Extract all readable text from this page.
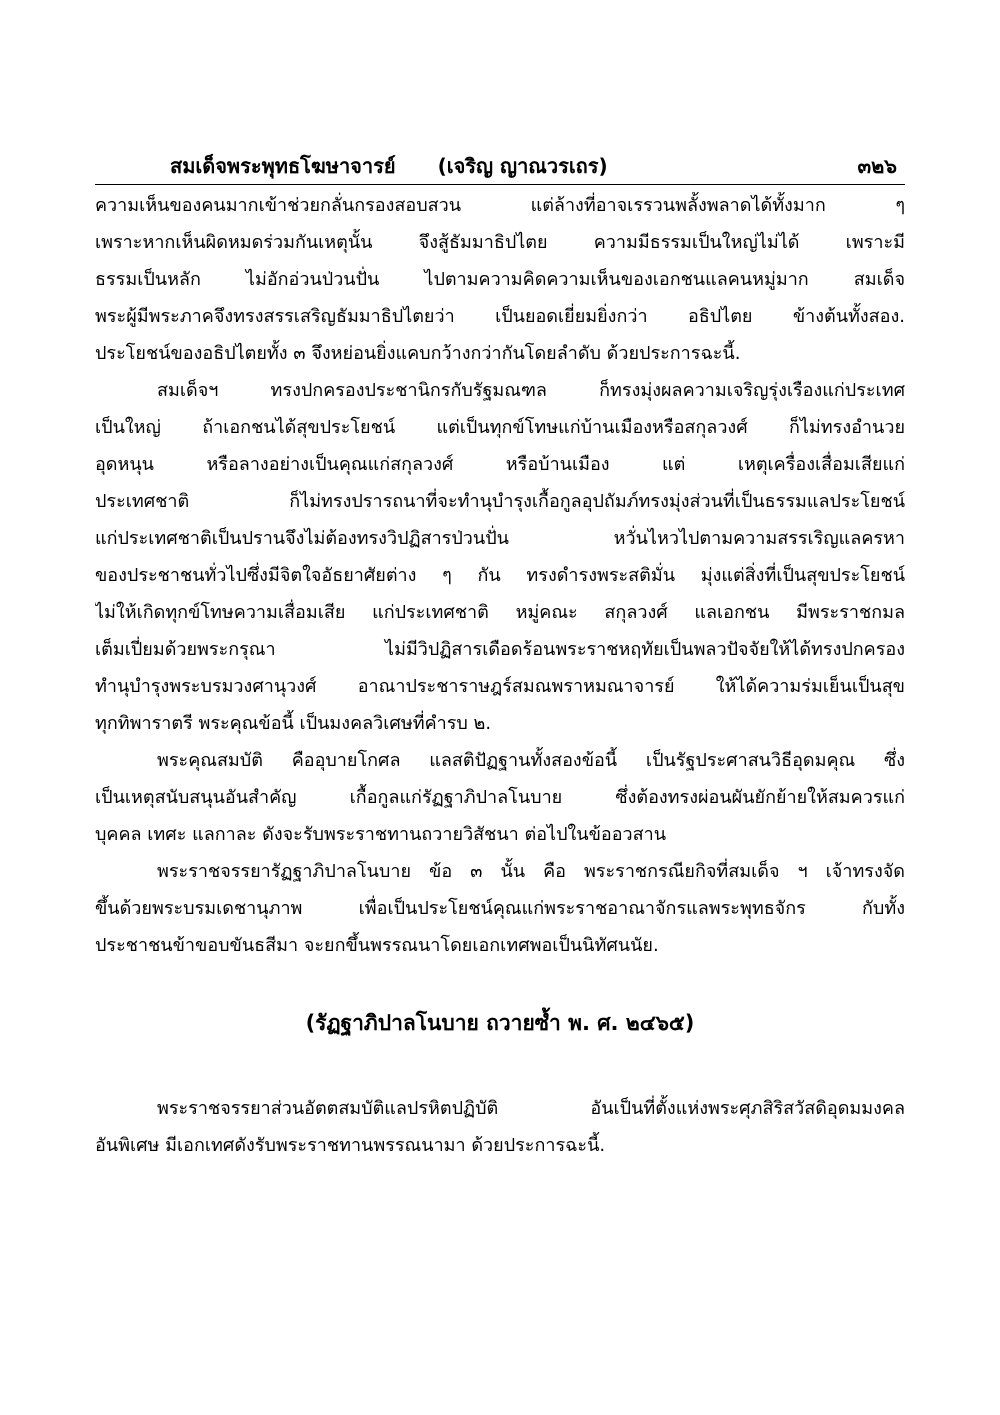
สมเด็จพระพุทธโฆษาจารย์ (เจริญ ญาณวรเถร)	๓๒๖
ความเห็นของคนมากเข้าช่วยกลั่นกรองสอบสวน แต่ล้างที่อาจเรรวนพลั้งพลาดได้ทั้งมาก ๆ
เพราะหากเห็นผิดหมดร่วมกันเหตุนั้น จึงสู้ธัมมาธิปไตย ความมีธรรมเป็นใหญ่ไม่ได้ เพราะมี
ธรรมเป็นหลัก ไม่อักอ่วนป่วนปั่น ไปตามความคิดความเห็นของเอกชนแลคนหมู่มาก สมเด็จ
พระผู้มีพระภาคจึงทรงสรรเสริญธัมมาธิปไตยว่า เป็นยอดเยี่ยมยิ่งกว่า อธิปไตย ข้างต้นทั้งสอง.
ประโยชน์ของอธิปไตยทั้ง ๓ จึงหย่อนยิ่งแคบกว้างกว่ากันโดยลำดับ ด้วยประการฉะนี้.
สมเด็จฯ ทรงปกครองประชานิกรกับรัฐมณฑล ก็ทรงมุ่งผลความเจริญรุ่งเรืองแก่ประเทศ
เป็นใหญ่ ถ้าเอกชนได้สุขประโยชน์ แต่เป็นทุกข์โทษแก่บ้านเมืองหรือสกุลวงศ์ ก็ไม่ทรงอำนวย
อุดหนุน หรือลางอย่างเป็นคุณแก่สกุลวงศ์ หรือบ้านเมือง แต่ เหตุเครื่องเสื่อมเสียแก่
ประเทศชาติ ก็ไม่ทรงปรารถนาที่จะทำนุบำรุงเกื้อกูลอุปถัมภ์ทรงมุ่งส่วนที่เป็นธรรมแลประโยชน์
แก่ประเทศชาติเป็นปรานจึงไม่ต้องทรงวิปฏิสารป่วนปั่น หวั่นไหวไปตามความสรรเริญแลครหา
ของประชาชนทั่วไปซึ่งมีจิตใจอัธยาศัยต่าง ๆ กัน ทรงดำรงพระสติมั่น มุ่งแต่สิ่งที่เป็นสุขประโยชน์
ไม่ให้เกิดทุกข์โทษความเสื่อมเสีย แก่ประเทศชาติ หมู่คณะ สกุลวงศ์ แลเอกชน มีพระราชกมล
เต็มเปี่ยมด้วยพระกรุณา ไม่มีวิปฏิสารเดือดร้อนพระราชหฤทัยเป็นพลวปัจจัยให้ได้ทรงปกครอง
ทำนุบำรุงพระบรมวงศานุวงศ์ อาณาประชาราษฎร์สมณพราหมณาจารย์ ให้ได้ความร่มเย็นเป็นสุข
ทุกทิพาราตรี พระคุณข้อนี้ เป็นมงคลวิเศษที่คำรบ ๒.
พระคุณสมบัติ คืออุบายโกศล แลสติปัฏฐานทั้งสองข้อนี้ เป็นรัฐประศาสนวิธีอุดมคุณ ซึ่ง
เป็นเหตุสนับสนุนอันสำคัญ เกื้อกูลแก่รัฏฐาภิปาลโนบาย ซึ่งต้องทรงผ่อนผันยักย้ายให้สมควรแก่
บุคคล เทศะ แลกาละ ดังจะรับพระราชทานถวายวิสัชนา ต่อไปในข้ออวสาน
พระราชจรรยารัฏฐาภิปาลโนบาย ข้อ ๓ นั้น คือ พระราชกรณียกิจที่สมเด็จ ฯ เจ้าทรงจัด
ขึ้นด้วยพระบรมเดชานุภาพ เพื่อเป็นประโยชน์คุณแก่พระราชอาณาจักรแลพระพุทธจักร กับทั้ง
ประชาชนข้าขอบขันธสีมา จะยกขึ้นพรรณนาโดยเอกเทศพอเป็นนิทัศนนัย.
(รัฏฐาภิปาลโนบาย ถวายซ้ำ พ. ศ. ๒๔๖๕)
พระราชจรรยาส่วนอัตตสมบัติแลปรหิตปฏิบัติ อันเป็นที่ตั้งแห่งพระศุภสิริสวัสดิอุดมมงคล
อันพิเศษ มีเอกเทศดังรับพระราชทานพรรณนามา ด้วยประการฉะนี้.
